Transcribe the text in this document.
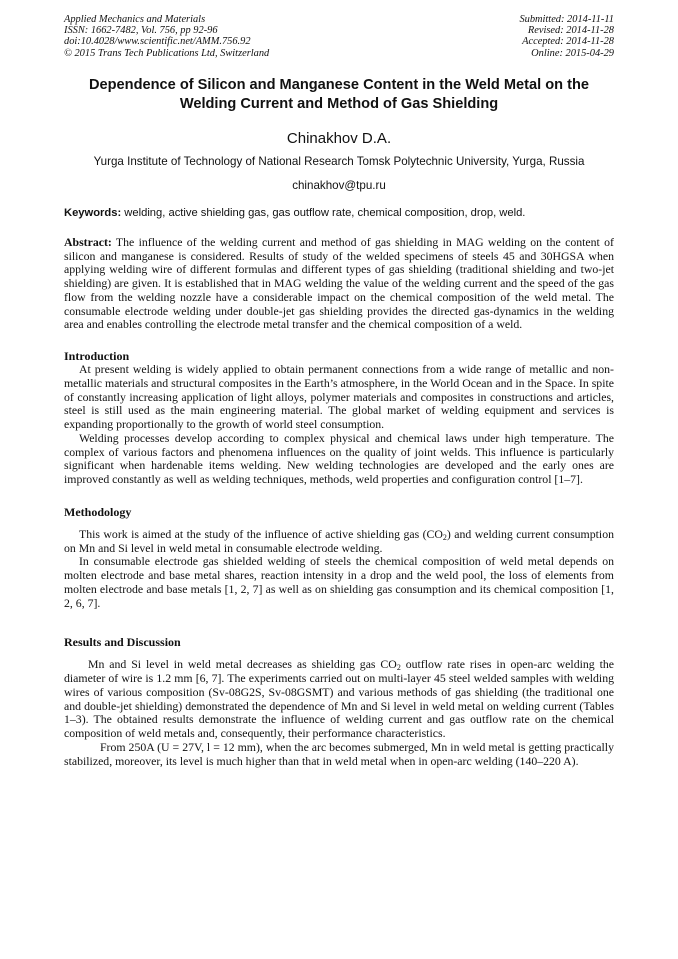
Applied Mechanics and Materials
ISSN: 1662-7482, Vol. 756, pp 92-96
doi:10.4028/www.scientific.net/AMM.756.92
© 2015 Trans Tech Publications Ltd, Switzerland
Submitted: 2014-11-11
Revised: 2014-11-28
Accepted: 2014-11-28
Online: 2015-04-29
Dependence of Silicon and Manganese Content in the Weld Metal on the Welding Current and Method of Gas Shielding
Chinakhov D.A.
Yurga Institute of Technology of National Research Tomsk Polytechnic University, Yurga, Russia
chinakhov@tpu.ru
Keywords: welding, active shielding gas, gas outflow rate, chemical composition, drop, weld.
Abstract: The influence of the welding current and method of gas shielding in MAG welding on the content of silicon and manganese is considered. Results of study of the welded specimens of steels 45 and 30HGSA when applying welding wire of different formulas and different types of gas shielding (traditional shielding and two-jet shielding) are given. It is established that in MAG welding the value of the welding current and the speed of the gas flow from the welding nozzle have a considerable impact on the chemical composition of the weld metal. The consumable electrode welding under double-jet gas shielding provides the directed gas-dynamics in the welding area and enables controlling the electrode metal transfer and the chemical composition of a weld.
Introduction

At present welding is widely applied to obtain permanent connections from a wide range of metallic and non-metallic materials and structural composites in the Earth’s atmosphere, in the World Ocean and in the Space. In spite of constantly increasing application of light alloys, polymer materials and composites in constructions and articles, steel is still used as the main engineering material. The global market of welding equipment and services is expanding proportionally to the growth of world steel consumption.

Welding processes develop according to complex physical and chemical laws under high temperature. The complex of various factors and phenomena influences on the quality of joint welds. This influence is particularly significant when hardenable items welding. New welding technologies are developed and the early ones are improved constantly as well as welding techniques, methods, weld properties and configuration control [1–7].

Methodology

This work is aimed at the study of the influence of active shielding gas $(CO_2)$ and welding current consumption on Mn and Si level in weld metal in consumable electrode welding.

In consumable electrode gas shielded welding of steels the chemical composition of weld metal depends on molten electrode and base metal shares, reaction intensity in a drop and the weld pool, the loss of elements from molten electrode and base metals [1, 2, 7] as well as on shielding gas consumption and its chemical composition [1, 2, 6, 7].

Results and Discussion

Mn and Si level in weld metal decreases as shielding gas $CO_2$ outflow rate rises in open-arc welding the diameter of wire is 1.2 mm [6, 7]. The experiments carried out on multi-layer 45 steel welded samples with welding wires of various composition (Sv-08G2S, Sv-08GSMT) and various methods of gas shielding (the traditional one and double-jet shielding) demonstrated the dependence of Mn and Si level in weld metal on welding current (Tables 1–3). The obtained results demonstrate the influence of welding current and gas outflow rate on the chemical composition of weld metals and, consequently, their performance characteristics.

From 250A (U = 27V, l = 12 mm), when the arc becomes submerged, Mn in weld metal is getting practically stabilized, moreover, its level is much higher than that in weld metal when in open-arc welding (140–220 A).
